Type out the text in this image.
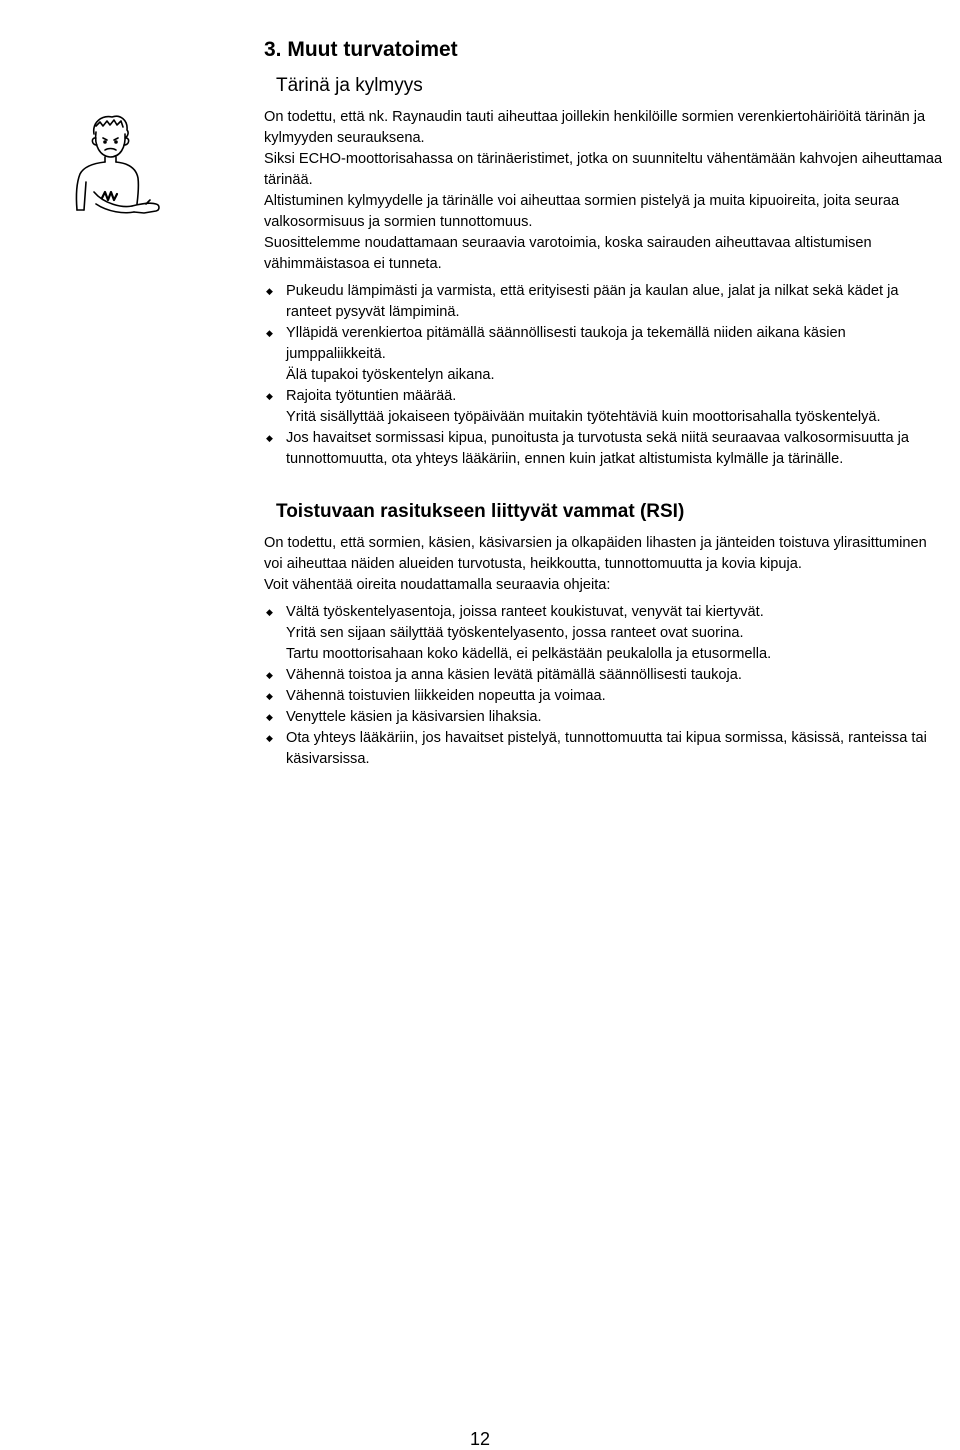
3. Muut turvatoimet
Tärinä ja kylmyys

On todettu, että nk. Raynaudin tauti aiheuttaa joillekin henkilöille sormien verenkiertohäiriöitä tärinän ja kylmyyden seurauksena.

Siksi ECHO-moottorisahassa on tärinäeristimet, jotka on suunniteltu vähentämään kahvojen aiheuttamaa tärinää.

Altistuminen kylmyydelle ja tärinälle voi aiheuttaa sormien pistelyä ja muita kipuoireita, joita seuraa valkosormisuus ja sormien tunnottomuus.

Suosittelemme noudattamaan seuraavia varotoimia, koska sairauden aiheuttavaa altistumisen vähimmäistasoa ei tunneta.

◆ Pukeudu lämpimästi ja varmista, että erityisesti pään ja kaulan alue, jalat ja nilkat sekä kädet ja ranteet pysyvät lämpiminä.
◆ Ylläpidä verenkiertoa pitämällä säännöllisesti taukoja ja tekemällä niiden aikana käsien jumppaliikkeitä.
Älä tupakoi työskentelyn aikana.
◆ Rajoita työtuntien määrää.
Yritä sisällyttää jokaiseen työpäivään muitakin työtehtäviä kuin moottorisahalla työskentelyä.
◆ Jos havaitset sormissasi kipua, punoitusta ja turvotusta sekä niitä seuraavaa valkosormisuutta ja tunnottomuutta, ota yhteys lääkäriin, ennen kuin jatkat altistumista kylmälle ja tärinälle.
Toistuvaan rasitukseen liittyvät vammat (RSI)

On todettu, että sormien, käsien, käsivarsien ja olkapäiden lihasten ja jänteiden toistuva ylirasittuminen voi aiheuttaa näiden alueiden turvotusta, heikkoutta, tunnottomuutta ja kovia kipuja.

Voit vähentää oireita noudattamalla seuraavia ohjeita:

◆ Vältä työskentelyasentoja, joissa ranteet koukistuvat, venyvät tai kiertyvät.
Yritä sen sijaan säilyttää työskentelyasento, jossa ranteet ovat suorina.
Tartu moottorisahaan koko kädellä, ei pelkästään peukalolla ja etusormella.
◆ Vähennä toistoa ja anna käsien levätä pitämällä säännöllisesti taukoja.
◆ Vähennä toistuvien liikkeiden nopeutta ja voimaa.
◆ Venyttele käsien ja käsivarsien lihaksia.
◆ Ota yhteys lääkäriin, jos havaitset pistelyä, tunnottomuutta tai kipua sormissa, käsissä, ranteissa tai käsivarsissa.
12
